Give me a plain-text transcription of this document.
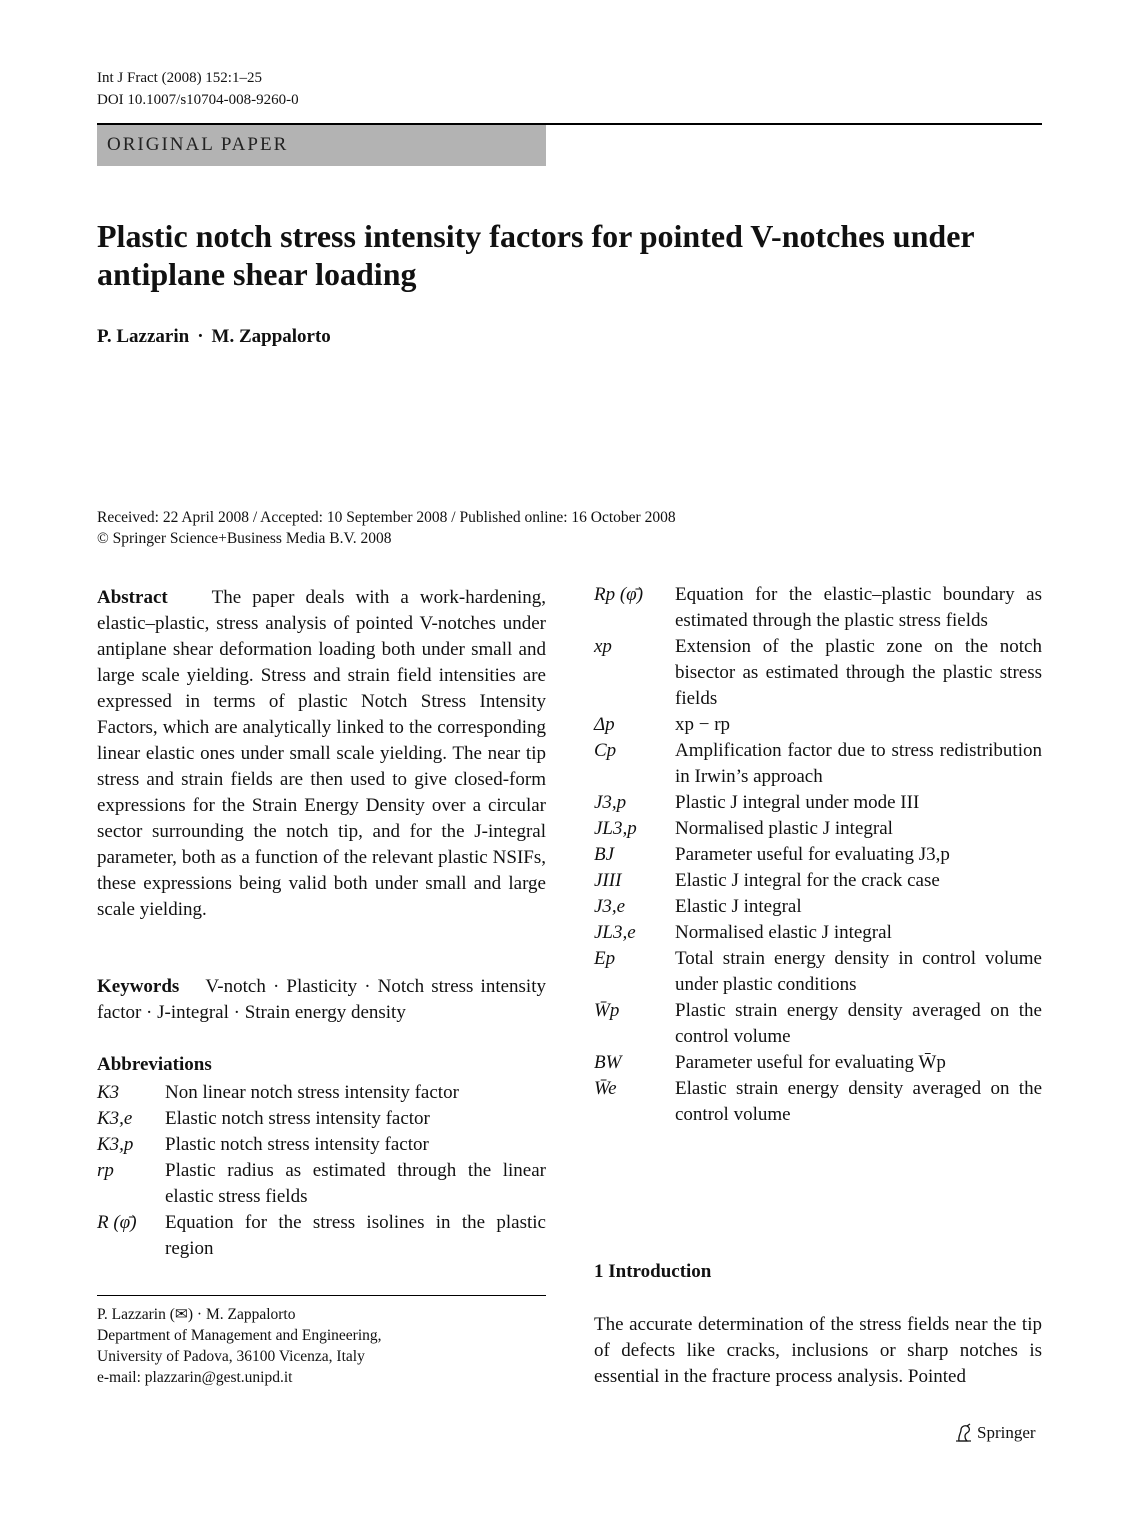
Int J Fract (2008) 152:1–25
DOI 10.1007/s10704-008-9260-0
ORIGINAL PAPER
Plastic notch stress intensity factors for pointed V-notches under antiplane shear loading
P. Lazzarin · M. Zappalorto
Received: 22 April 2008 / Accepted: 10 September 2008 / Published online: 16 October 2008
© Springer Science+Business Media B.V. 2008
Abstract The paper deals with a work-hardening, elastic–plastic, stress analysis of pointed V-notches under antiplane shear deformation loading both under small and large scale yielding. Stress and strain field intensities are expressed in terms of plastic Notch Stress Intensity Factors, which are analytically linked to the corresponding linear elastic ones under small scale yielding. The near tip stress and strain fields are then used to give closed-form expressions for the Strain Energy Density over a circular sector surrounding the notch tip, and for the J-integral parameter, both as a function of the relevant plastic NSIFs, these expressions being valid both under small and large scale yielding.
Keywords V-notch · Plasticity · Notch stress intensity factor · J-integral · Strain energy density
Abbreviations
K3	Non linear notch stress intensity factor
K3,e	Elastic notch stress intensity factor
K3,p	Plastic notch stress intensity factor
rp	Plastic radius as estimated through the linear elastic stress fields
R (φ̄)	Equation for the stress isolines in the plastic region
Rp (φ̄)	Equation for the elastic–plastic boundary as estimated through the plastic stress fields
xp	Extension of the plastic zone on the notch bisector as estimated through the plastic stress fields
Δp	xp − rp
Cp	Amplification factor due to stress redistribution in Irwin’s approach
J3,p	Plastic J integral under mode III
JL3,p	Normalised plastic J integral
BJ	Parameter useful for evaluating J3,p
JIII	Elastic J integral for the crack case
J3,e	Elastic J integral
JL3,e	Normalised elastic J integral
Ep	Total strain energy density in control volume under plastic conditions
W̄p	Plastic strain energy density averaged on the control volume
BW	Parameter useful for evaluating W̄p
W̄e	Elastic strain energy density averaged on the control volume
P. Lazzarin (✉) · M. Zappalorto
Department of Management and Engineering,
University of Padova, 36100 Vicenza, Italy
e-mail: plazzarin@gest.unipd.it
1 Introduction
The accurate determination of the stress fields near the tip of defects like cracks, inclusions or sharp notches is essential in the fracture process analysis. Pointed
Springer
